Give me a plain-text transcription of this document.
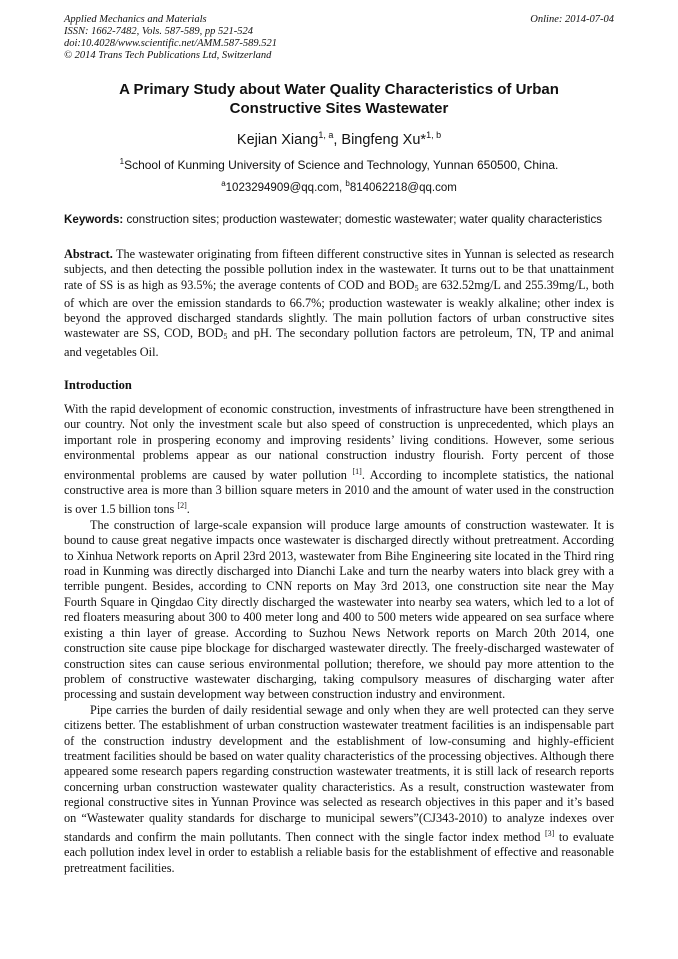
Applied Mechanics and Materials
ISSN: 1662-7482, Vols. 587-589, pp 521-524
doi:10.4028/www.scientific.net/AMM.587-589.521
© 2014 Trans Tech Publications Ltd, Switzerland
Online: 2014-07-04
A Primary Study about Water Quality Characteristics of Urban
Constructive Sites Wastewater
Kejian Xiang$^{1, a}$, Bingfeng Xu*$^{1, b}$
$^1$School of Kunming University of Science and Technology, Yunnan 650500, China.
$^a$1023294909@qq.com, $^b$814062218@qq.com
Keywords: construction sites; production wastewater; domestic wastewater; water quality characteristics

Abstract. The wastewater originating from fifteen different constructive sites in Yunnan is selected as research subjects, and then detecting the possible pollution index in the wastewater. It turns out to be that unattainment rate of SS is as high as 93.5%; the average contents of COD and $BOD_5$ are 632.52mg/L and 255.39mg/L, both of which are over the emission standards to 66.7%; production wastewater is weakly alkaline; other index is beyond the approved discharged standards slightly. The main pollution factors of urban constructive sites wastewater are SS, COD, $BOD_5$ and pH. The secondary pollution factors are petroleum, TN, TP and animal and vegetables Oil.

Introduction

With the rapid development of economic construction, investments of infrastructure have been strengthened in our country. Not only the investment scale but also speed of construction is unprecedented, which plays an important role in prospering economy and improving residents’ living conditions. However, some serious environmental problems appear as our national construction industry flourish. Forty percent of those environmental problems are caused by water pollution [1]. According to incomplete statistics, the national constructive area is more than 3 billion square meters in 2010 and the amount of water used in the construction is over 1.5 billion tons [2].

The construction of large-scale expansion will produce large amounts of construction wastewater. It is bound to cause great negative impacts once wastewater is discharged directly without pretreatment. According to Xinhua Network reports on April 23rd 2013, wastewater from Bihe Engineering site located in the Third ring road in Kunming was directly discharged into Dianchi Lake and turn the nearby waters into black grey with a terrible pungent. Besides, according to CNN reports on May 3rd 2013, one construction site near the May Fourth Square in Qingdao City directly discharged the wastewater into nearby sea waters, which led to a lot of red floaters measuring about 300 to 400 meter long and 400 to 500 meters wide appeared on sea surface where existing a thin layer of grease. According to Suzhou News Network reports on March 20th 2014, one construction site cause pipe blockage for discharged wastewater directly. The freely-discharged wastewater of construction sites can cause serious environmental pollution; therefore, we should pay more attention to the problem of constructive wastewater discharging, taking compulsory measures of discharging water after processing and sustain development way between construction industry and environment.

Pipe carries the burden of daily residential sewage and only when they are well protected can they serve citizens better. The establishment of urban construction wastewater treatment facilities is an indispensable part of the construction industry development and the establishment of low-consuming and highly-efficient treatment facilities should be based on water quality characteristics of the processing objectives. Although there appeared some research papers regarding construction wastewater treatments, it is still lack of research reports concerning urban construction wastewater quality characteristics. As a result, construction wastewater from regional constructive sites in Yunnan Province was selected as research objectives in this paper and it’s based on “Wastewater quality standards for discharge to municipal sewers”(CJ343-2010) to analyze indexes over standards and confirm the main pollutants. Then connect with the single factor index method [3] to evaluate each pollution index level in order to establish a reliable basis for the establishment of effective and reasonable pretreatment facilities.
